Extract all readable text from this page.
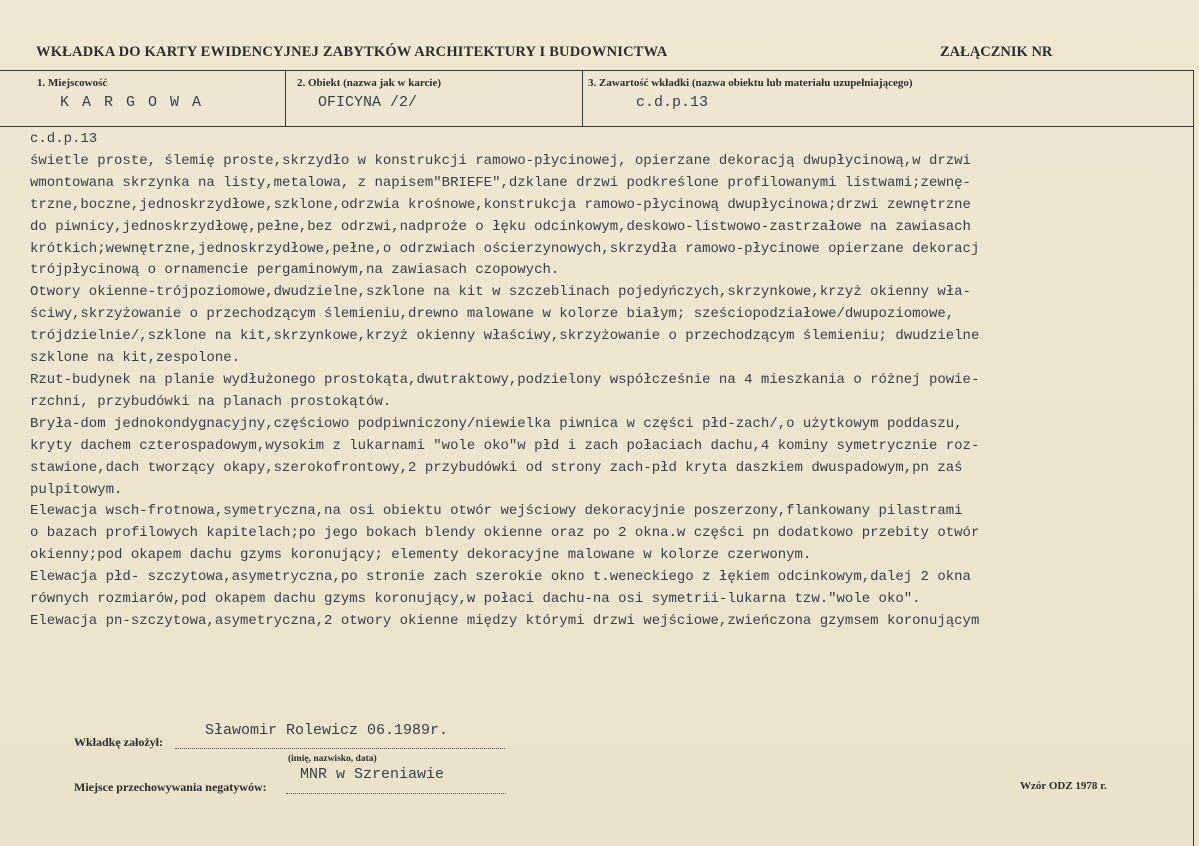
WKŁADKA DO KARTY EWIDENCYJNEJ ZABYTKÓW ARCHITEKTURY I BUDOWNICTWA	ZAŁĄCZNIK NR
1. Miejscowość
K A R G O W A
2. Obiekt (nazwa jak w karcie)
OFICYNA /2/
3. Zawartość wkładki (nazwa obiektu lub materiału uzupełniającego)
c.d.p.13
c.d.p.13
świetle proste, ślemię proste,skrzydło w konstrukcji ramowo-płycinowej, opierzane dekoracją dwupłycinową,w drzwi
wmontowana skrzynka na listy,metalowa, z napisem"BRIEFE",dzklane drzwi podkreślone profilowanymi listwami;zewnę-
trzne,boczne,jednoskrzydłowe,szklone,odrzwia krośnowe,konstrukcja ramowo-płycinową dwupłycinowa;drzwi zewnętrzne
do piwnicy,jednoskrzydłowę,pełne,bez odrzwi,nadproże o łęku odcinkowym,deskowo-listwowo-zastrzałowe na zawiasach
krótkich;wewnętrzne,jednoskrzydłowe,pełne,o odrzwiach ościerzynowych,skrzydła ramowo-płycinowe opierzane dekoracj
trójpłycinową o ornamencie pergaminowym,na zawiasach czopowych.
Otwory okienne-trójpoziomowe,dwudzielne,szklone na kit w szczeblinach pojedyńczych,skrzynkowe,krzyż okienny wła-
ściwy,skrzyżowanie o przechodzącym ślemieniu,drewno malowane w kolorze białym; sześciopodziałowe/dwupoziomowe,
trójdzielnie/,szklone na kit,skrzynkowe,krzyż okienny właściwy,skrzyżowanie o przechodzącym ślemieniu; dwudzielne
szklone na kit,zespolone.
Rzut-budynek na planie wydłużonego prostokąta,dwutraktowy,podzielony współcześnie na 4 mieszkania o różnej powie-
rzchni, przybudówki na planach prostokątów.
Bryła-dom jednokondygnacyjny,częściowo podpiwniczony/niewielka piwnica w części płd-zach/,o użytkowym poddaszu,
kryty dachem czterospadowym,wysokim z lukarnami "wole oko"w płd i zach połaciach dachu,4 kominy symetrycznie roz-
stawione,dach tworzący okapy,szerokofrontowy,2 przybudówki od strony zach-płd kryta daszkiem dwuspadowym,pn zaś
pulpitowym.
Elewacja wsch-frotnowa,symetryczna,na osi obiektu otwór wejściowy dekoracyjnie poszerzony,flankowany pilastrami
o bazach profilowych kapitelach;po jego bokach blendy okienne oraz po 2 okna.w części pn dodatkowo przebity otwór
okienny;pod okapem dachu gzyms koronujący; elementy dekoracyjne malowane w kolorze czerwonym.
Elewacja płd- szczytowa,asymetryczna,po stronie zach szerokie okno t.weneckiego z łękiem odcinkowym,dalej 2 okna
równych rozmiarów,pod okapem dachu gzyms koronujący,w połaci dachu-na osi symetrii-lukarna tzw."wole oko".
Elewacja pn-szczytowa,asymetryczna,2 otwory okienne między którymi drzwi wejściowe,zwieńczona gzymsem koronującym
Wkładkę założył:
Sławomir Rolewicz 06.1989r.
(imię, nazwisko, data)
Miejsce przechowywania negatywów:
MNR w Szreniawie
Wzór ODZ 1978 r.
